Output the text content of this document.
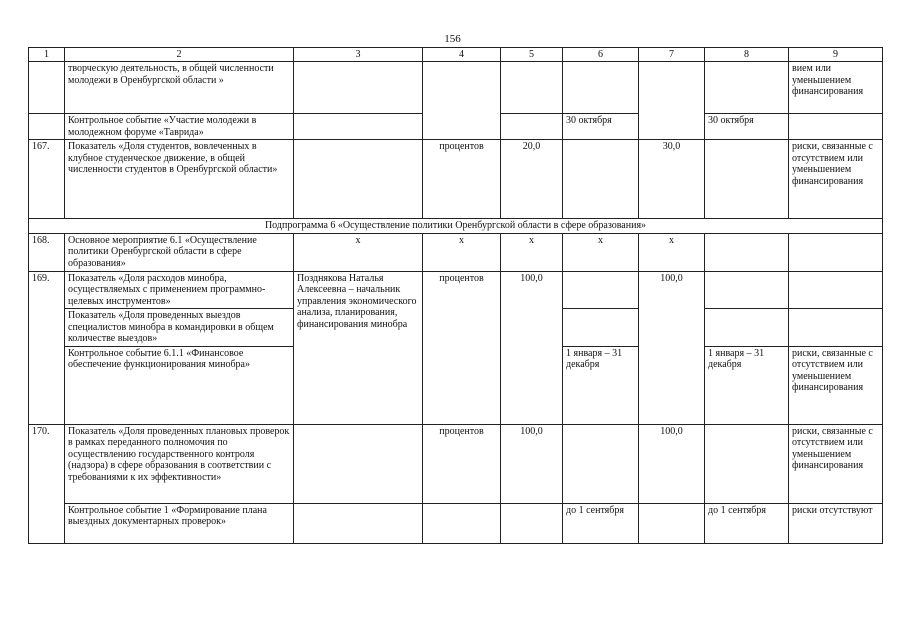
156
1	2	3	4	5	6	7	8	9
	творческую деятельность, в общей численности молодежи в Оренбургской области »							вием или уменьшением финансирования
	Контрольное событие «Участие молодежи в молодежном форуме «Таврида»				30 октября		30 октября	
167.	Показатель «Доля студентов, вовлеченных в клубное студенческое движение, в общей численности студентов в Оренбургской области»		процентов	20,0		30,0		риски, связанные с отсутствием или уменьшением финансирования
Подпрограмма 6 «Осуществление политики Оренбургской области в сфере образования»								
168.	Основное мероприятие 6.1 «Осуществление политики Оренбургской области в сфере образования»	х	х	х	х	х		
169.	Показатель «Доля расходов минобра, осуществляемых с применением программно-целевых инструментов»	Позднякова Наталья Алексеевна – начальник управления экономического анализа, планирования, финансирования минобра	процентов	100,0		100,0		
	Показатель «Доля проведенных выездов специалистов минобра в командировки в общем количестве выездов»							
	Контрольное событие 6.1.1 «Финансовое обеспечение функционирования минобра»				1 января – 31 декабря		1 января – 31 декабря	риски, связанные с отсутствием или уменьшением финансирования
170.	Показатель «Доля проведенных плановых проверок в рамках переданного полномочия по осуществлению государственного контроля (надзора) в сфере образования в соответствии с требованиями к их эффективности»		процентов	100,0		100,0		риски, связанные с отсутствием или уменьшением финансирования
	Контрольное событие 1 «Формирование плана выездных документарных проверок»				до 1 сентября		до 1 сентября	риски отсутствуют
